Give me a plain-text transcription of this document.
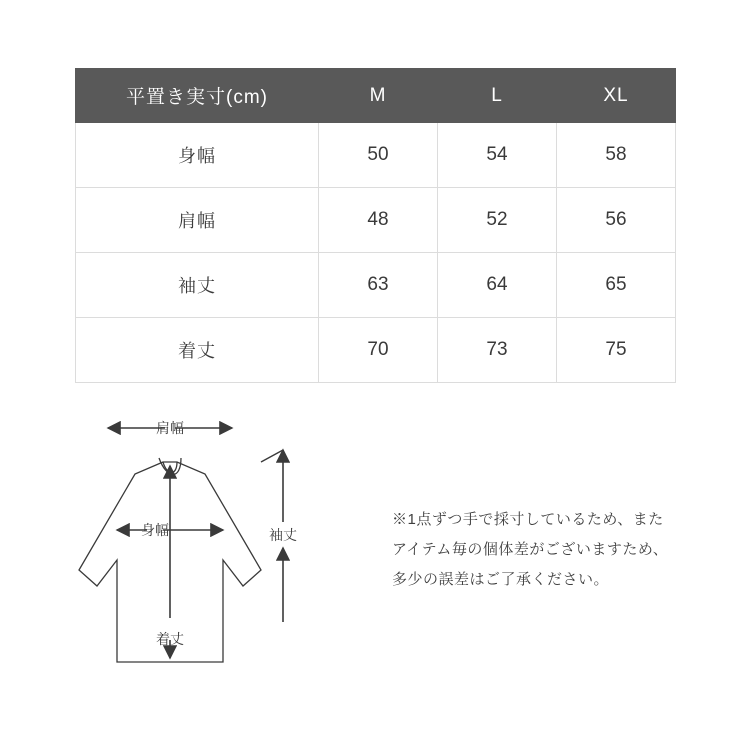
平置き実寸(cm)	M	L	XL
身幅	50	54	58
肩幅	48	52	56
袖丈	63	64	65
着丈	70	73	75
肩幅
身幅
着丈
袖丈
※1点ずつ手で採寸しているため、また
アイテム毎の個体差がございますため、
多少の誤差はご了承ください。
